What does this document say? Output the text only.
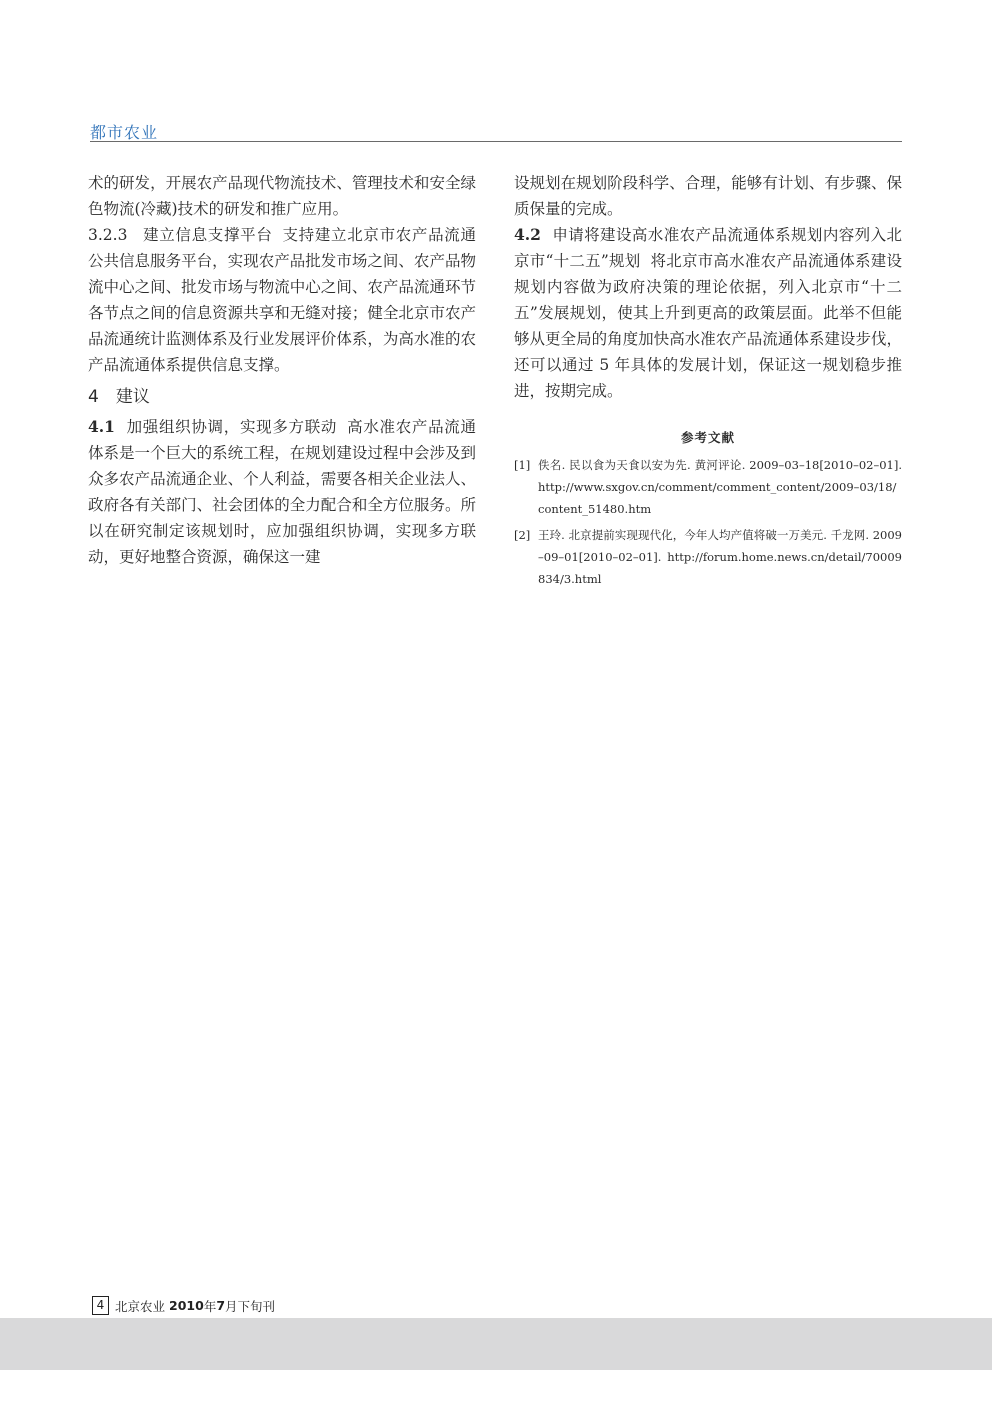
都市农业

术的研发，开展农产品现代物流技术、管理技术和安全绿色物流(冷藏)技术的研发和推广应用。

3.2.3 建立信息支撑平台 支持建立北京市农产品流通公共信息服务平台，实现农产品批发市场之间、农产品物流中心之间、批发市场与物流中心之间、农产品流通环节各节点之间的信息资源共享和无缝对接；健全北京市农产品流通统计监测体系及行业发展评价体系，为高水准的农产品流通体系提供信息支撑。

4　建议

4.1 加强组织协调，实现多方联动 高水准农产品流通体系是一个巨大的系统工程，在规划建设过程中会涉及到众多农产品流通企业、个人利益，需要各相关企业法人、政府各有关部门、社会团体的全力配合和全方位服务。所以在研究制定该规划时，应加强组织协调，实现多方联动，更好地整合资源，确保这一建

设规划在规划阶段科学、合理，能够有计划、有步骤、保质保量的完成。

4.2 申请将建设高水准农产品流通体系规划内容列入北京市“十二五”规划 将北京市高水准农产品流通体系建设规划内容做为政府决策的理论依据，列入北京市“十二五”发展规划，使其上升到更高的政策层面。此举不但能够从更全局的角度加快高水准农产品流通体系建设步伐，还可以通过 5 年具体的发展计划，保证这一规划稳步推进，按期完成。

参考文献
[1] 佚名. 民以食为天食以安为先. 黄河评论. 2009–03–18[2010–02–01]. http://www.sxgov.cn/comment/comment_content/2009–03/18/content_51480.htm
[2] 王玲. 北京提前实现现代化，今年人均产值将破一万美元. 千龙网. 2009–09–01[2010–02–01]. http://forum.home.news.cn/detail/70009834/3.html
4 北京农业 2010 年 7 月下旬刊
